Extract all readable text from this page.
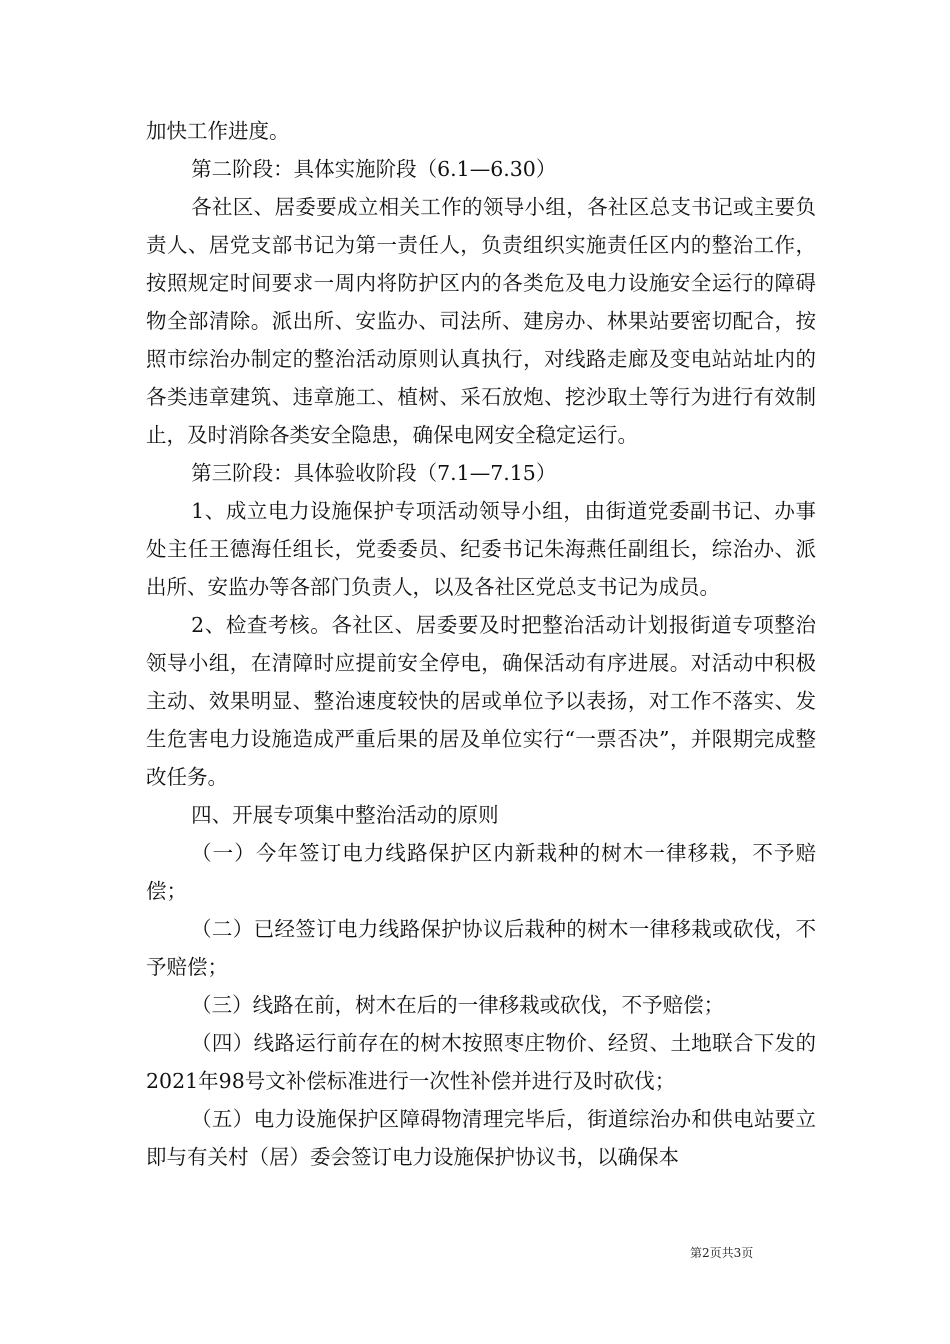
加快工作进度。

第二阶段：具体实施阶段（6.1—6.30）

各社区、居委要成立相关工作的领导小组，各社区总支书记或主要负责人、居党支部书记为第一责任人，负责组织实施责任区内的整治工作，按照规定时间要求一周内将防护区内的各类危及电力设施安全运行的障碍物全部清除。派出所、安监办、司法所、建房办、林果站要密切配合，按照市综治办制定的整治活动原则认真执行，对线路走廊及变电站站址内的各类违章建筑、违章施工、植树、采石放炮、挖沙取土等行为进行有效制止，及时消除各类安全隐患，确保电网安全稳定运行。

第三阶段：具体验收阶段（7.1—7.15）

1、成立电力设施保护专项活动领导小组，由街道党委副书记、办事处主任王德海任组长，党委委员、纪委书记朱海燕任副组长，综治办、派出所、安监办等各部门负责人，以及各社区党总支书记为成员。

2、检查考核。各社区、居委要及时把整治活动计划报街道专项整治领导小组，在清障时应提前安全停电，确保活动有序进展。对活动中积极主动、效果明显、整治速度较快的居或单位予以表扬，对工作不落实、发生危害电力设施造成严重后果的居及单位实行“一票否决”，并限期完成整改任务。

四、开展专项集中整治活动的原则

（一）今年签订电力线路保护区内新栽种的树木一律移栽，不予赔偿；

（二）已经签订电力线路保护协议后栽种的树木一律移栽或砍伐，不予赔偿；

（三）线路在前，树木在后的一律移栽或砍伐，不予赔偿；

（四）线路运行前存在的树木按照枣庄物价、经贸、土地联合下发的2021年98号文补偿标准进行一次性补偿并进行及时砍伐；

（五）电力设施保护区障碍物清理完毕后，街道综治办和供电站要立即与有关村（居）委会签订电力设施保护协议书，以确保本

第2页共3页
